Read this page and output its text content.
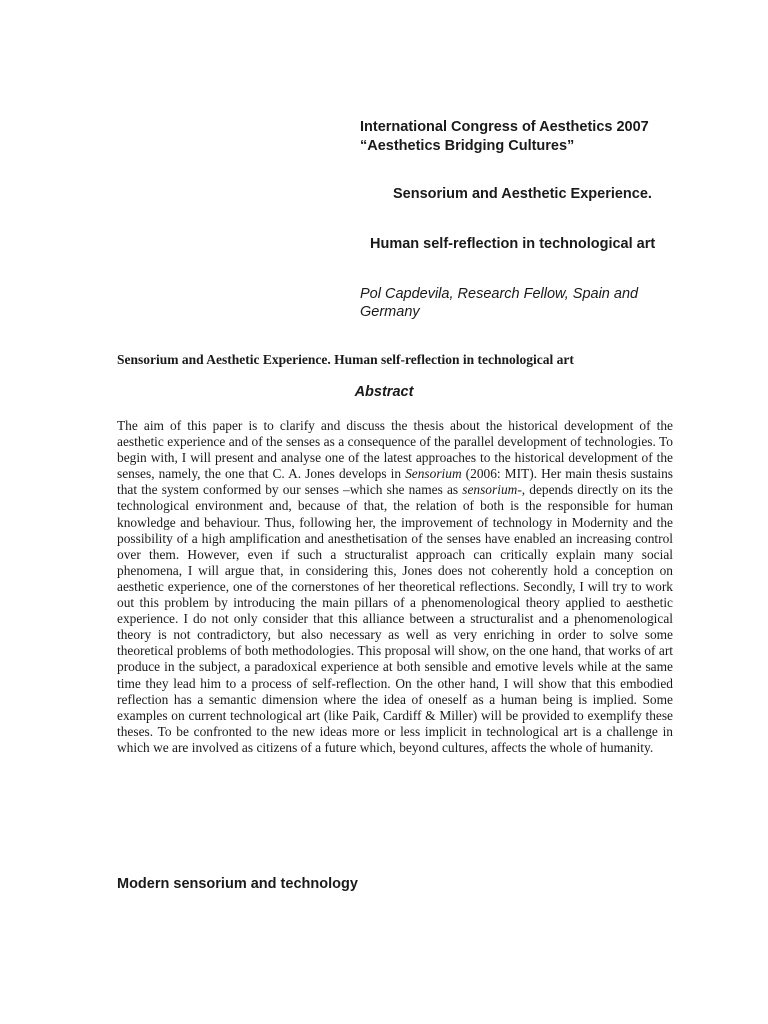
International Congress of Aesthetics 2007
“Aesthetics Bridging Cultures”
Sensorium and Aesthetic Experience.
Human self-reflection in technological art
Pol Capdevila, Research Fellow, Spain and Germany
Sensorium and Aesthetic Experience. Human self-reflection in technological art
Abstract
The aim of this paper is to clarify and discuss the thesis about the historical development of the aesthetic experience and of the senses as a consequence of the parallel development of technologies. To begin with, I will present and analyse one of the latest approaches to the historical development of the senses, namely, the one that C. A. Jones develops in Sensorium (2006: MIT). Her main thesis sustains that the system conformed by our senses –which she names as sensorium-, depends directly on its the technological environment and, because of that, the relation of both is the responsible for human knowledge and behaviour. Thus, following her, the improvement of technology in Modernity and the possibility of a high amplification and anesthetisation of the senses have enabled an increasing control over them. However, even if such a structuralist approach can critically explain many social phenomena, I will argue that, in considering this, Jones does not coherently hold a conception on aesthetic experience, one of the cornerstones of her theoretical reflections. Secondly, I will try to work out this problem by introducing the main pillars of a phenomenological theory applied to aesthetic experience. I do not only consider that this alliance between a structuralist and a phenomenological theory is not contradictory, but also necessary as well as very enriching in order to solve some theoretical problems of both methodologies. This proposal will show, on the one hand, that works of art produce in the subject, a paradoxical experience at both sensible and emotive levels while at the same time they lead him to a process of self-reflection. On the other hand, I will show that this embodied reflection has a semantic dimension where the idea of oneself as a human being is implied. Some examples on current technological art (like Paik, Cardiff & Miller) will be provided to exemplify these theses. To be confronted to the new ideas more or less implicit in technological art is a challenge in which we are involved as citizens of a future which, beyond cultures, affects the whole of humanity.
Modern sensorium and technology
